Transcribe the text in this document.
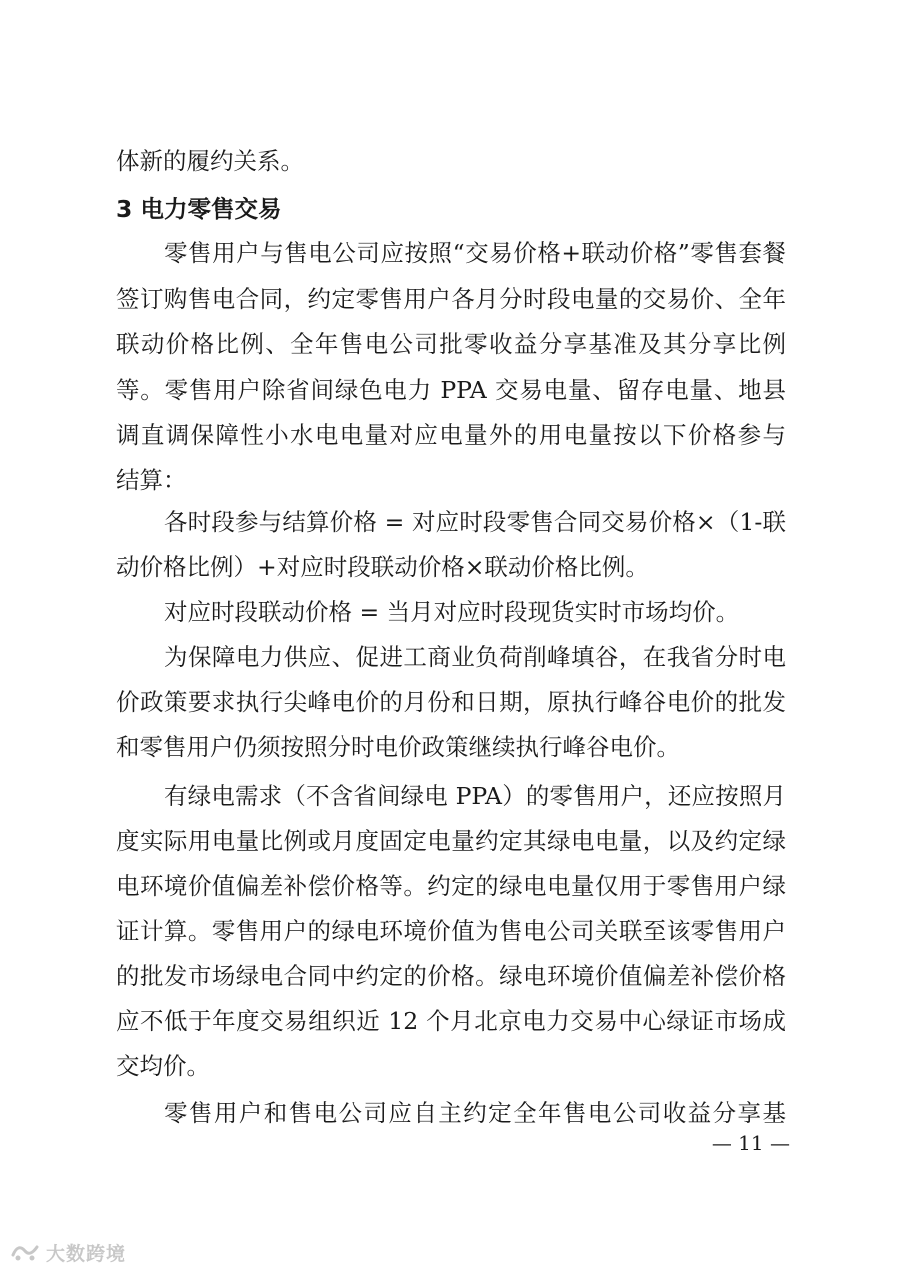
体新的履约关系。
3 电力零售交易
零售用户与售电公司应按照“交易价格+联动价格”零售套餐
签订购售电合同，约定零售用户各月分时段电量的交易价、全年
联动价格比例、全年售电公司批零收益分享基准及其分享比例
等。零售用户除省间绿色电力 PPA 交易电量、留存电量、地县
调直调保障性小水电电量对应电量外的用电量按以下价格参与
结算：
各时段参与结算价格 = 对应时段零售合同交易价格×（1-联
动价格比例）+对应时段联动价格×联动价格比例。
对应时段联动价格 = 当月对应时段现货实时市场均价。
为保障电力供应、促进工商业负荷削峰填谷，在我省分时电
价政策要求执行尖峰电价的月份和日期，原执行峰谷电价的批发
和零售用户仍须按照分时电价政策继续执行峰谷电价。
有绿电需求（不含省间绿电 PPA）的零售用户，还应按照月
度实际用电量比例或月度固定电量约定其绿电电量，以及约定绿
电环境价值偏差补偿价格等。约定的绿电电量仅用于零售用户绿
证计算。零售用户的绿电环境价值为售电公司关联至该零售用户
的批发市场绿电合同中约定的价格。绿电环境价值偏差补偿价格
应不低于年度交易组织近 12 个月北京电力交易中心绿证市场成
交均价。
零售用户和售电公司应自主约定全年售电公司收益分享基
— 11 —
大数跨境
